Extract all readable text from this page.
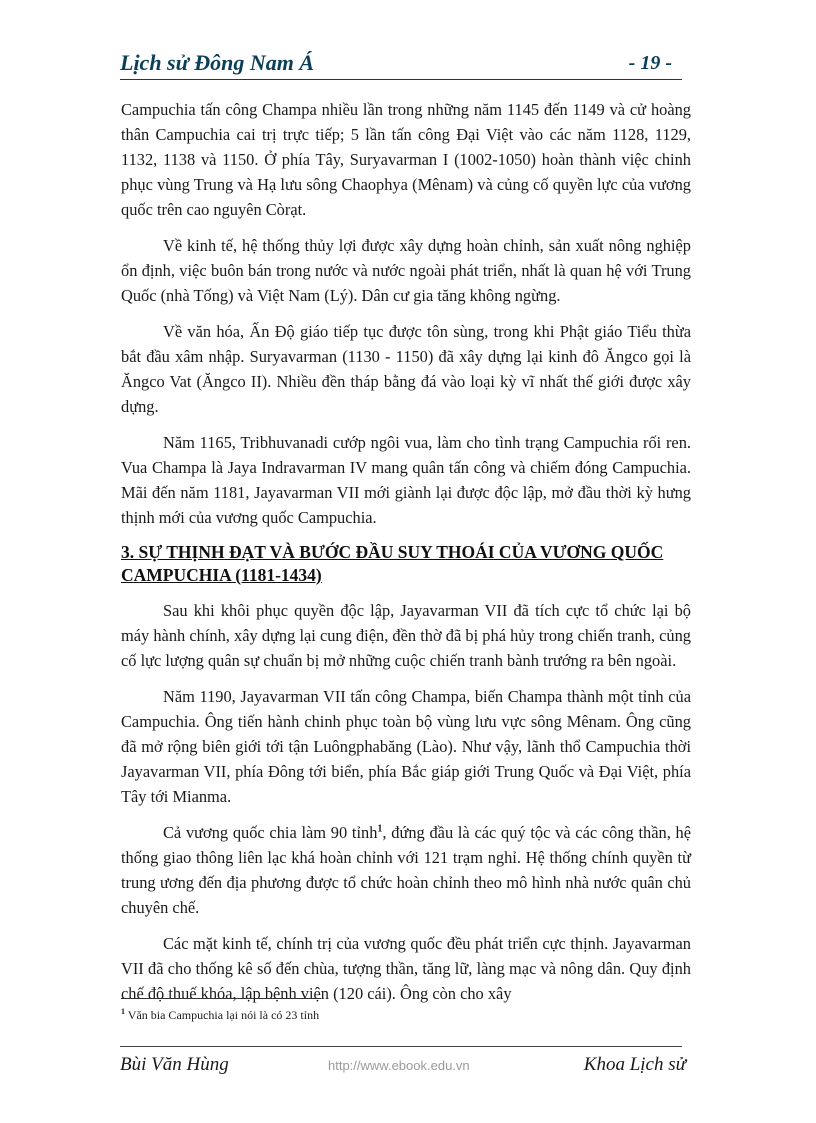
Lịch sử Đông Nam Á	- 19 -

Campuchia tấn công Champa nhiều lần trong những năm 1145 đến 1149 và cử hoàng thân Campuchia cai trị trực tiếp; 5 lần tấn công Đại Việt vào các năm 1128, 1129, 1132, 1138 và 1150. Ở phía Tây, Suryavarman I (1002-1050) hoàn thành việc chinh phục vùng Trung và Hạ lưu sông Chaophya (Mênam) và củng cố quyền lực của vương quốc trên cao nguyên Còrạt.

Về kinh tế, hệ thống thủy lợi được xây dựng hoàn chỉnh, sản xuất nông nghiệp ổn định, việc buôn bán trong nước và nước ngoài phát triển, nhất là quan hệ với Trung Quốc (nhà Tống) và Việt Nam (Lý). Dân cư gia tăng không ngừng.

Về văn hóa, Ấn Độ giáo tiếp tục được tôn sùng, trong khi Phật giáo Tiểu thừa bắt đầu xâm nhập. Suryavarman (1130 - 1150) đã xây dựng lại kinh đô Ăngco gọi là Ăngco Vat (Ăngco II). Nhiều đền tháp bằng đá vào loại kỳ vĩ nhất thế giới được xây dựng.

Năm 1165, Tribhuvanadi cướp ngôi vua, làm cho tình trạng Campuchia rối ren. Vua Champa là Jaya Indravarman IV mang quân tấn công và chiếm đóng Campuchia. Mãi đến năm 1181, Jayavarman VII mới giành lại được độc lập, mở đầu thời kỳ hưng thịnh mới của vương quốc Campuchia.

3. SỰ THỊNH ĐẠT VÀ BƯỚC ĐẦU SUY THOÁI CỦA VƯƠNG QUỐC CAMPUCHIA (1181-1434)

Sau khi khôi phục quyền độc lập, Jayavarman VII đã tích cực tổ chức lại bộ máy hành chính, xây dựng lại cung điện, đền thờ đã bị phá hủy trong chiến tranh, củng cố lực lượng quân sự chuẩn bị mở những cuộc chiến tranh bành trướng ra bên ngoài.

Năm 1190, Jayavarman VII tấn công Champa, biến Champa thành một tỉnh của Campuchia. Ông tiến hành chinh phục toàn bộ vùng lưu vực sông Mênam. Ông cũng đã mở rộng biên giới tới tận Luôngphabăng (Lào). Như vậy, lãnh thổ Campuchia thời Jayavarman VII, phía Đông tới biển, phía Bắc giáp giới Trung Quốc và Đại Việt, phía Tây tới Mianma.

Cả vương quốc chia làm 90 tỉnh$^1$, đứng đầu là các quý tộc và các công thần, hệ thống giao thông liên lạc khá hoàn chỉnh với 121 trạm nghỉ. Hệ thống chính quyền từ trung ương đến địa phương được tổ chức hoàn chỉnh theo mô hình nhà nước quân chủ chuyên chế.

Các mặt kinh tế, chính trị của vương quốc đều phát triển cực thịnh. Jayavarman VII đã cho thống kê số đến chùa, tượng thần, tăng lữ, làng mạc và nông dân. Quy định chế độ thuế khóa, lập bệnh viện (120 cái). Ông còn cho xây

$^1$ Văn bia Campuchia lại nói là có 23 tỉnh
Bùi Văn Hùng	http://www.ebook.edu.vn	Khoa Lịch sử
